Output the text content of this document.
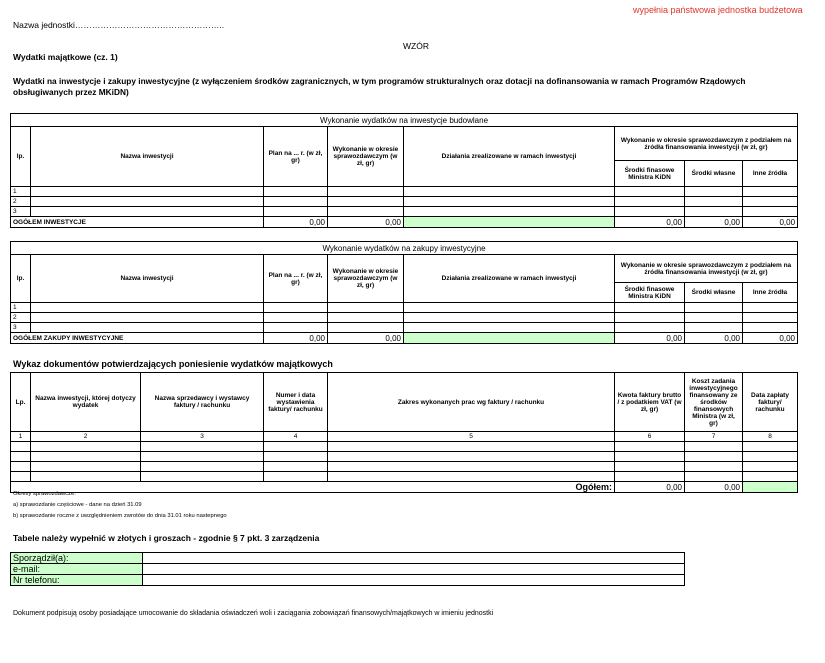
wypełnia państwowa jednostka budżetowa
Nazwa jednostki……………………………………………..
WZÓR
Wydatki majątkowe (cz. 1)
Wydatki na inwestycje i zakupy inwestycyjne (z wyłączeniem środków zagranicznych, w tym programów strukturalnych oraz dotacji na dofinansowania w ramach Programów Rządowych obsługiwanych przez MKiDN)
Wykonanie wydatków na inwestycje budowlane							
lp.	Nazwa inwestycji	Plan na ... r. (w zł, gr)	Wykonanie w okresie sprawozdawczym (w zł, gr)	Działania zrealizowane w ramach inwestycji	Wykonanie w okresie sprawozdawczym z podziałem na źródła finansowania inwestycji (w zł, gr)		
					Środki finasowe Ministra KiDN	Środki własne	Inne źródła
1							
2							
3							
OGÓŁEM INWESTYCJE		0,00	0,00		0,00	0,00	0,00
Wykonanie wydatków na zakupy inwestycyjne							
lp.	Nazwa inwestycji	Plan na ... r. (w zł, gr)	Wykonanie w okresie sprawozdawczym (w zł, gr)	Działania zrealizowane w ramach inwestycji	Wykonanie w okresie sprawozdawczym z podziałem na źródła finansowania inwestycji (w zł, gr)		
					Środki finasowe Ministra KiDN	Środki własne	Inne źródła
1							
2							
3							
OGÓŁEM ZAKUPY INWESTYCYJNE		0,00	0,00		0,00	0,00	0,00
Wykaz dokumentów potwierdzających poniesienie wydatków majątkowych
Lp.	Nazwa inwestycji, której dotyczy wydatek	Nazwa sprzedawcy i wystawcy faktury / rachunku	Numer i data wystawienia faktury/ rachunku	Zakres wykonanych prac wg faktury / rachunku	Kwota faktury brutto / z podatkiem VAT (w zł, gr)	Koszt zadania inwestycyjnego finansowany ze środków finansowych Ministra (w zł, gr)	Data zapłaty faktury/ rachunku
1	2	3	4	5	6	7	8

Ogółem:					0,00	0,00	
Okresy sprawozdawcze:
a) sprawozdanie częściowe - dane na dzień 31.09
b) sprawozdanie roczne z uwzględnieniem zwrotów do dnia 31.01 roku nastepnego
Tabele należy wypełnić w złotych i groszach - zgodnie § 7 pkt. 3 zarządzenia
Sporządził(a):	
e-mail:	
Nr telefonu:	
Dokument podpisują osoby posiadające umocowanie do składania oświadczeń woli i zaciągania zobowiązań finansowych/majątkowych w imieniu jednostki
